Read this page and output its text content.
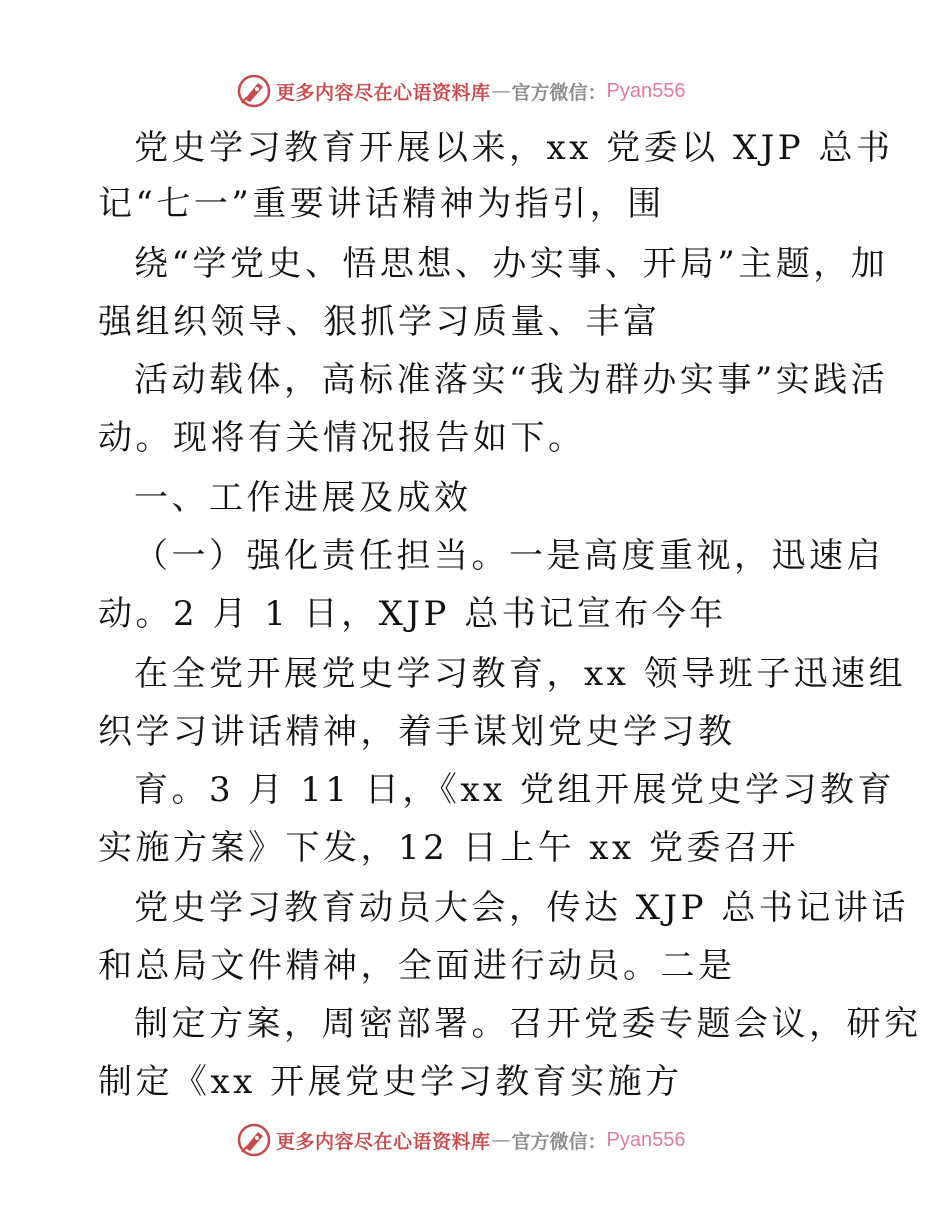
更多内容尽在心语资料库 — 官方微信： Pyan556
党史学习教育开展以来，xx 党委以 XJP 总书
记“七一”重要讲话精神为指引，围
绕“学党史、悟思想、办实事、开局”主题，加
强组织领导、狠抓学习质量、丰富
活动载体，高标准落实“我为群办实事”实践活
动。现将有关情况报告如下。
一、工作进展及成效
（一）强化责任担当。一是高度重视，迅速启
动。2 月 1 日，XJP 总书记宣布今年
在全党开展党史学习教育，xx 领导班子迅速组
织学习讲话精神，着手谋划党史学习教
育。3 月 11 日，《xx 党组开展党史学习教育
实施方案》下发，12 日上午 xx 党委召开
党史学习教育动员大会，传达 XJP 总书记讲话
和总局文件精神，全面进行动员。二是
制定方案，周密部署。召开党委专题会议，研究
制定《xx 开展党史学习教育实施方
更多内容尽在心语资料库 — 官方微信： Pyan556
